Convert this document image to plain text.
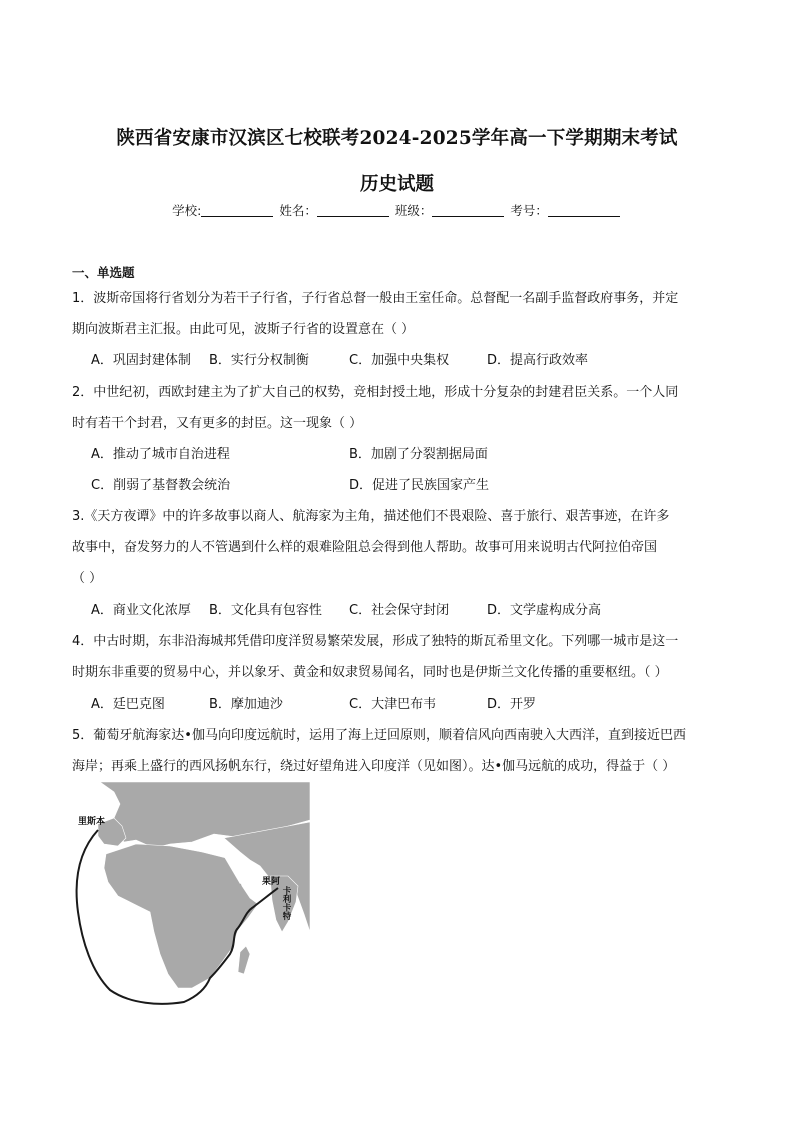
陕西省安康市汉滨区七校联考2024-2025学年高一下学期期末考试
历史试题
学校:	姓名：	班级：	考号：
一、单选题
1．波斯帝国将行省划分为若干子行省，子行省总督一般由王室任命。总督配一名副手监督政府事务，并定
期向波斯君主汇报。由此可见，波斯子行省的设置意在（ ）
A．巩固封建体制 B．实行分权制衡	C．加强中央集权	D．提高行政效率
2．中世纪初，西欧封建主为了扩大自己的权势，竞相封授土地，形成十分复杂的封建君臣关系。一个人同
时有若干个封君，又有更多的封臣。这一现象（ ）
A．推动了城市自治进程	B．加剧了分裂割据局面
C．削弱了基督教会统治	D．促进了民族国家产生
3.《天方夜谭》中的许多故事以商人、航海家为主角，描述他们不畏艰险、喜于旅行、艰苦事迹，在许多
故事中，奋发努力的人不管遇到什么样的艰难险阻总会得到他人帮助。故事可用来说明古代阿拉伯帝国
（ ）
A．商业文化浓厚 B．文化具有包容性 C．社会保守封闭	D．文学虚构成分高
4．中古时期，东非沿海城邦凭借印度洋贸易繁荣发展，形成了独特的斯瓦希里文化。下列哪一城市是这一
时期东非重要的贸易中心，并以象牙、黄金和奴隶贸易闻名，同时也是伊斯兰文化传播的重要枢纽。（ ）
A．廷巴克图	B．摩加迪沙	C．大津巴布韦	D．开罗
5．葡萄牙航海家达•伽马向印度远航时，运用了海上迂回原则，顺着信风向西南驶入大西洋，直到接近巴西
海岸；再乘上盛行的西风扬帆东行，绕过好望角进入印度洋（见如图）。达•伽马远航的成功，得益于（ ）
里斯本
果阿
卡利卡特
